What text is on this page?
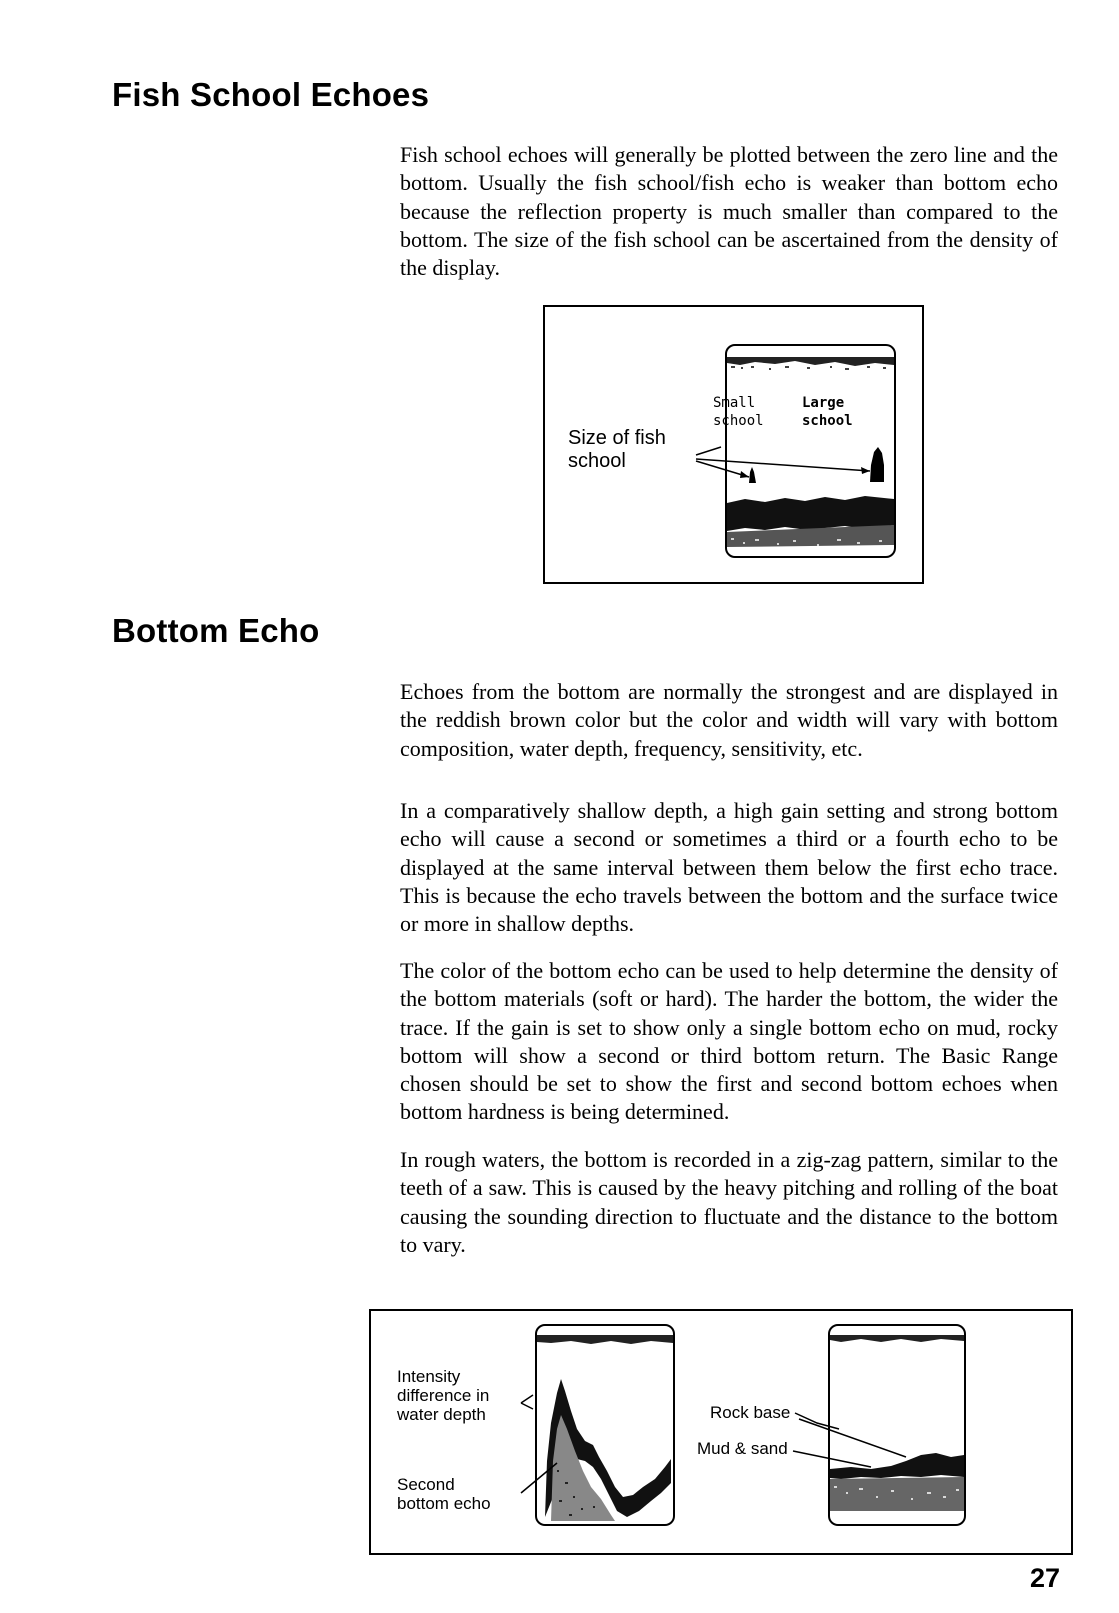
Fish School Echoes

Fish school echoes will generally be plotted between the zero line and the bottom. Usually the fish school/fish echo is weaker than bottom echo because the reflection property is much smaller than compared to the bottom. The size of the fish school can be ascertained from the density of the display.

Size of fish
school
Small
school
Large
school
Bottom Echo

Echoes from the bottom are normally the strongest and are displayed in the reddish brown color but the color and width will vary with bottom composition, water depth, frequency, sensitivity, etc.

In a comparatively shallow depth, a high gain setting and strong bottom echo will cause a second or sometimes a third or a fourth echo to be displayed at the same interval between them below the first echo trace. This is because the echo travels between the bottom and the surface twice or more in shallow depths.

The color of the bottom echo can be used to help determine the density of the bottom materials (soft or hard). The harder the bottom, the wider the trace. If the gain is set to show only a single bottom echo on mud, rocky bottom will show a second or third bottom return. The Basic Range chosen should be set to show the first and second bottom echoes when bottom hardness is being determined.

In rough waters, the bottom is recorded in a zig-zag pattern, similar to the teeth of a saw. This is caused by the heavy pitching and rolling of the boat causing the sounding direction to fluctuate and the distance to the bottom to vary.

Intensity
difference in
water depth
Second
bottom echo
Rock base
Mud & sand
27
